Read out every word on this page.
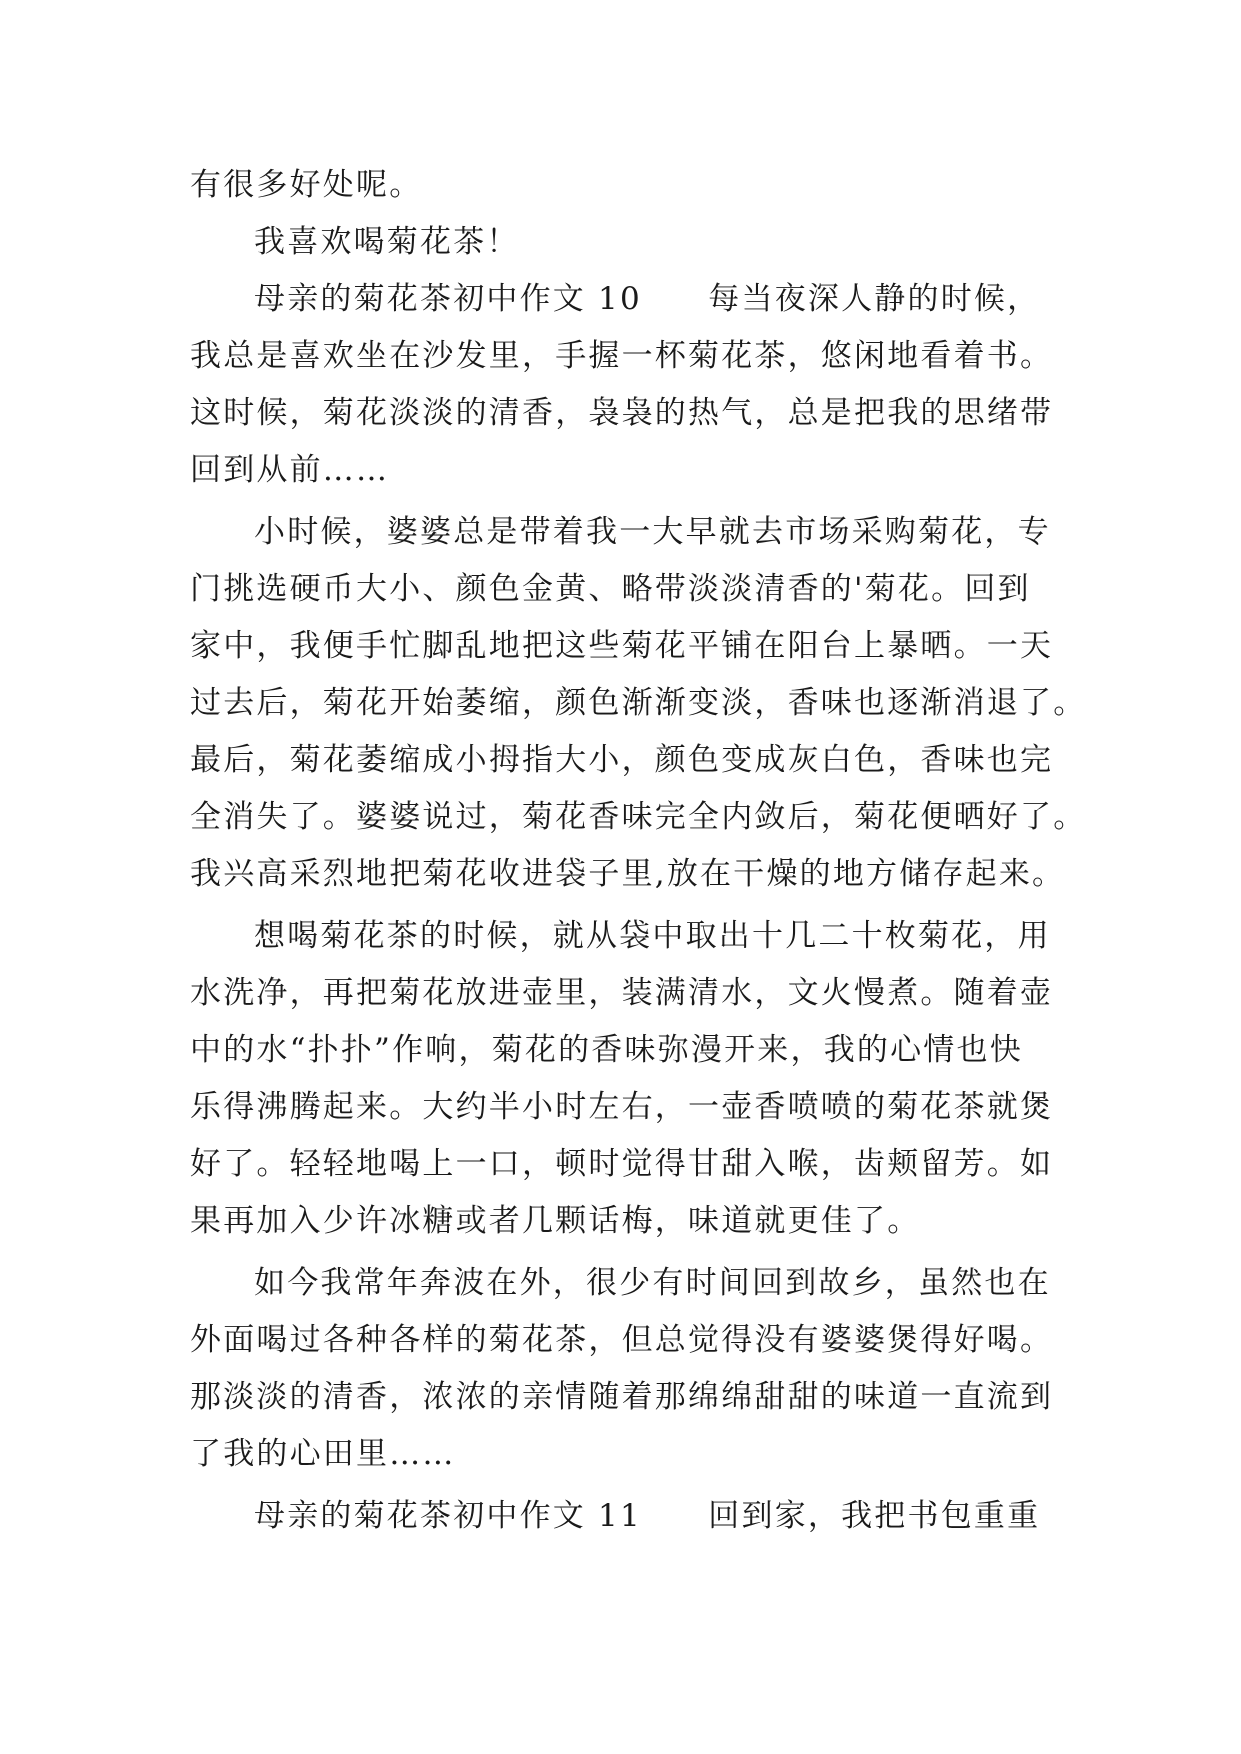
有很多好处呢。
我喜欢喝菊花茶！
母亲的菊花茶初中作文 10　　每当夜深人静的时候，
我总是喜欢坐在沙发里，手握一杯菊花茶，悠闲地看着书。
这时候，菊花淡淡的清香，袅袅的热气，总是把我的思绪带
回到从前……
小时候，婆婆总是带着我一大早就去市场采购菊花，专
门挑选硬币大小、颜色金黄、略带淡淡清香的'菊花。回到
家中，我便手忙脚乱地把这些菊花平铺在阳台上暴晒。一天
过去后，菊花开始萎缩，颜色渐渐变淡，香味也逐渐消退了。
最后，菊花萎缩成小拇指大小，颜色变成灰白色，香味也完
全消失了。婆婆说过，菊花香味完全内敛后，菊花便晒好了。
我兴高采烈地把菊花收进袋子里,放在干燥的地方储存起来。
想喝菊花茶的时候，就从袋中取出十几二十枚菊花，用
水洗净，再把菊花放进壶里，装满清水，文火慢煮。随着壶
中的水“扑扑”作响，菊花的香味弥漫开来，我的心情也快
乐得沸腾起来。大约半小时左右，一壶香喷喷的菊花茶就煲
好了。轻轻地喝上一口，顿时觉得甘甜入喉，齿颊留芳。如
果再加入少许冰糖或者几颗话梅，味道就更佳了。
如今我常年奔波在外，很少有时间回到故乡，虽然也在
外面喝过各种各样的菊花茶，但总觉得没有婆婆煲得好喝。
那淡淡的清香，浓浓的亲情随着那绵绵甜甜的味道一直流到
了我的心田里……
母亲的菊花茶初中作文 11　　回到家，我把书包重重
